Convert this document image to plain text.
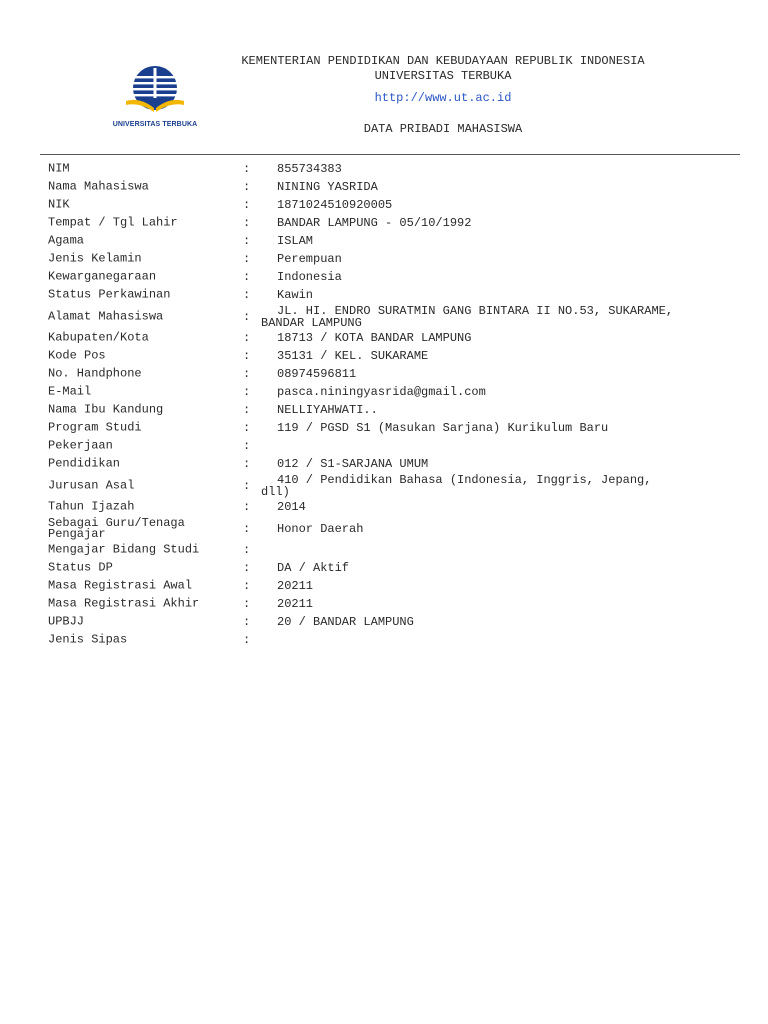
UNIVERSITAS TERBUKA
KEMENTERIAN PENDIDIKAN DAN KEBUDAYAAN REPUBLIK INDONESIA
UNIVERSITAS TERBUKA
http://www.ut.ac.id
DATA PRIBADI MAHASISWA
NIM	: 855734383
Nama Mahasiswa	: NINING YASRIDA
NIK	: 1871024510920005
Tempat / Tgl Lahir	: BANDAR LAMPUNG - 05/10/1992
Agama	: ISLAM
Jenis Kelamin	: Perempuan
Kewarganegaraan	: Indonesia
Status Perkawinan	: Kawin
Alamat Mahasiswa	:	JL. HI. ENDRO SURATMIN GANG BINTARA II NO.53, SUKARAME, BANDAR LAMPUNG
Kabupaten/Kota	: 18713 / KOTA BANDAR LAMPUNG
Kode Pos	: 35131 / KEL. SUKARAME
No. Handphone	: 08974596811
E-Mail	: pasca.niningyasrida@gmail.com
Nama Ibu Kandung	: NELLIYAHWATI..
Program Studi	: 119 / PGSD S1 (Masukan Sarjana) Kurikulum Baru
Pekerjaan	:
Pendidikan	: 012 / S1-SARJANA UMUM
Jurusan Asal	:	410 / Pendidikan Bahasa (Indonesia, Inggris, Jepang, dll)
Tahun Ijazah	: 2014
Sebagai Guru/Tenaga
Pengajar	: Honor Daerah
Mengajar Bidang Studi	:
Status DP	: DA / Aktif
Masa Registrasi Awal	: 20211
Masa Registrasi Akhir	: 20211
UPBJJ	: 20 / BANDAR LAMPUNG
Jenis Sipas	:
